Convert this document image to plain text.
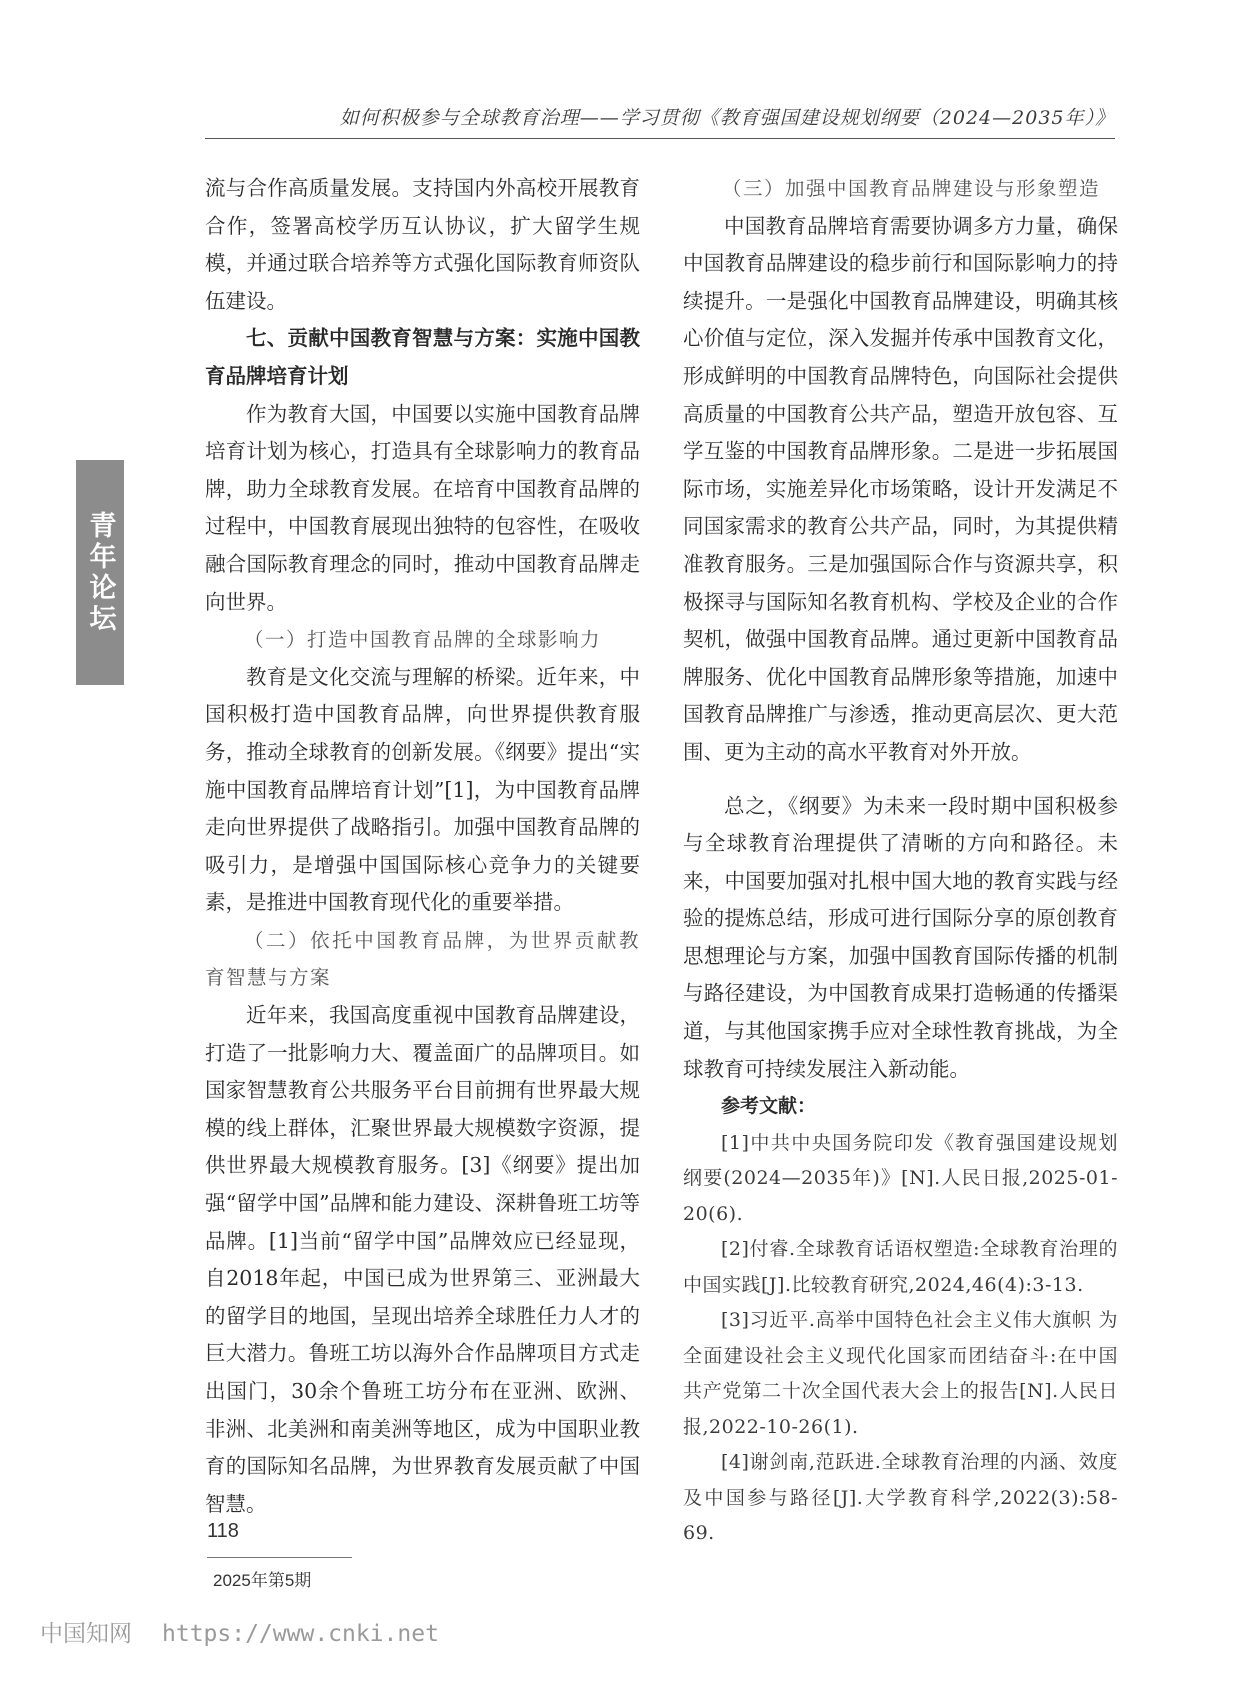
如何积极参与全球教育治理——学习贯彻《教育强国建设规划纲要（2024—2035年）》
青年论坛

流与合作高质量发展。支持国内外高校开展教育合作，签署高校学历互认协议，扩大留学生规模，并通过联合培养等方式强化国际教育师资队伍建设。

七、贡献中国教育智慧与方案：实施中国教育品牌培育计划

作为教育大国，中国要以实施中国教育品牌培育计划为核心，打造具有全球影响力的教育品牌，助力全球教育发展。在培育中国教育品牌的过程中，中国教育展现出独特的包容性，在吸收融合国际教育理念的同时，推动中国教育品牌走向世界。

（一）打造中国教育品牌的全球影响力

教育是文化交流与理解的桥梁。近年来，中国积极打造中国教育品牌，向世界提供教育服务，推动全球教育的创新发展。《纲要》提出“实施中国教育品牌培育计划”[1]，为中国教育品牌走向世界提供了战略指引。加强中国教育品牌的吸引力，是增强中国国际核心竞争力的关键要素，是推进中国教育现代化的重要举措。

（二）依托中国教育品牌，为世界贡献教育智慧与方案

近年来，我国高度重视中国教育品牌建设，打造了一批影响力大、覆盖面广的品牌项目。如国家智慧教育公共服务平台目前拥有世界最大规模的线上群体，汇聚世界最大规模数字资源，提供世界最大规模教育服务。[3]《纲要》提出加强“留学中国”品牌和能力建设、深耕鲁班工坊等品牌。[1]当前“留学中国”品牌效应已经显现，自2018年起，中国已成为世界第三、亚洲最大的留学目的地国，呈现出培养全球胜任力人才的巨大潜力。鲁班工坊以海外合作品牌项目方式走出国门，30余个鲁班工坊分布在亚洲、欧洲、非洲、北美洲和南美洲等地区，成为中国职业教育的国际知名品牌，为世界教育发展贡献了中国智慧。

（三）加强中国教育品牌建设与形象塑造

中国教育品牌培育需要协调多方力量，确保中国教育品牌建设的稳步前行和国际影响力的持续提升。一是强化中国教育品牌建设，明确其核心价值与定位，深入发掘并传承中国教育文化，形成鲜明的中国教育品牌特色，向国际社会提供高质量的中国教育公共产品，塑造开放包容、互学互鉴的中国教育品牌形象。二是进一步拓展国际市场，实施差异化市场策略，设计开发满足不同国家需求的教育公共产品，同时，为其提供精准教育服务。三是加强国际合作与资源共享，积极探寻与国际知名教育机构、学校及企业的合作契机，做强中国教育品牌。通过更新中国教育品牌服务、优化中国教育品牌形象等措施，加速中国教育品牌推广与渗透，推动更高层次、更大范围、更为主动的高水平教育对外开放。

总之，《纲要》为未来一段时期中国积极参与全球教育治理提供了清晰的方向和路径。未来，中国要加强对扎根中国大地的教育实践与经验的提炼总结，形成可进行国际分享的原创教育思想理论与方案，加强中国教育国际传播的机制与路径建设，为中国教育成果打造畅通的传播渠道，与其他国家携手应对全球性教育挑战，为全球教育可持续发展注入新动能。

参考文献：

[1]中共中央国务院印发《教育强国建设规划纲要(2024—2035年)》[N].人民日报,2025-01-20(6).

[2]付睿.全球教育话语权塑造:全球教育治理的中国实践[J].比较教育研究,2024,46(4):3-13.

[3]习近平.高举中国特色社会主义伟大旗帜 为全面建设社会主义现代化国家而团结奋斗:在中国共产党第二十次全国代表大会上的报告[N].人民日报,2022-10-26(1).

[4]谢剑南,范跃进.全球教育治理的内涵、效度及中国参与路径[J].大学教育科学,2022(3):58-69.

118
2025年第5期
中国知网 https://www.cnki.net
